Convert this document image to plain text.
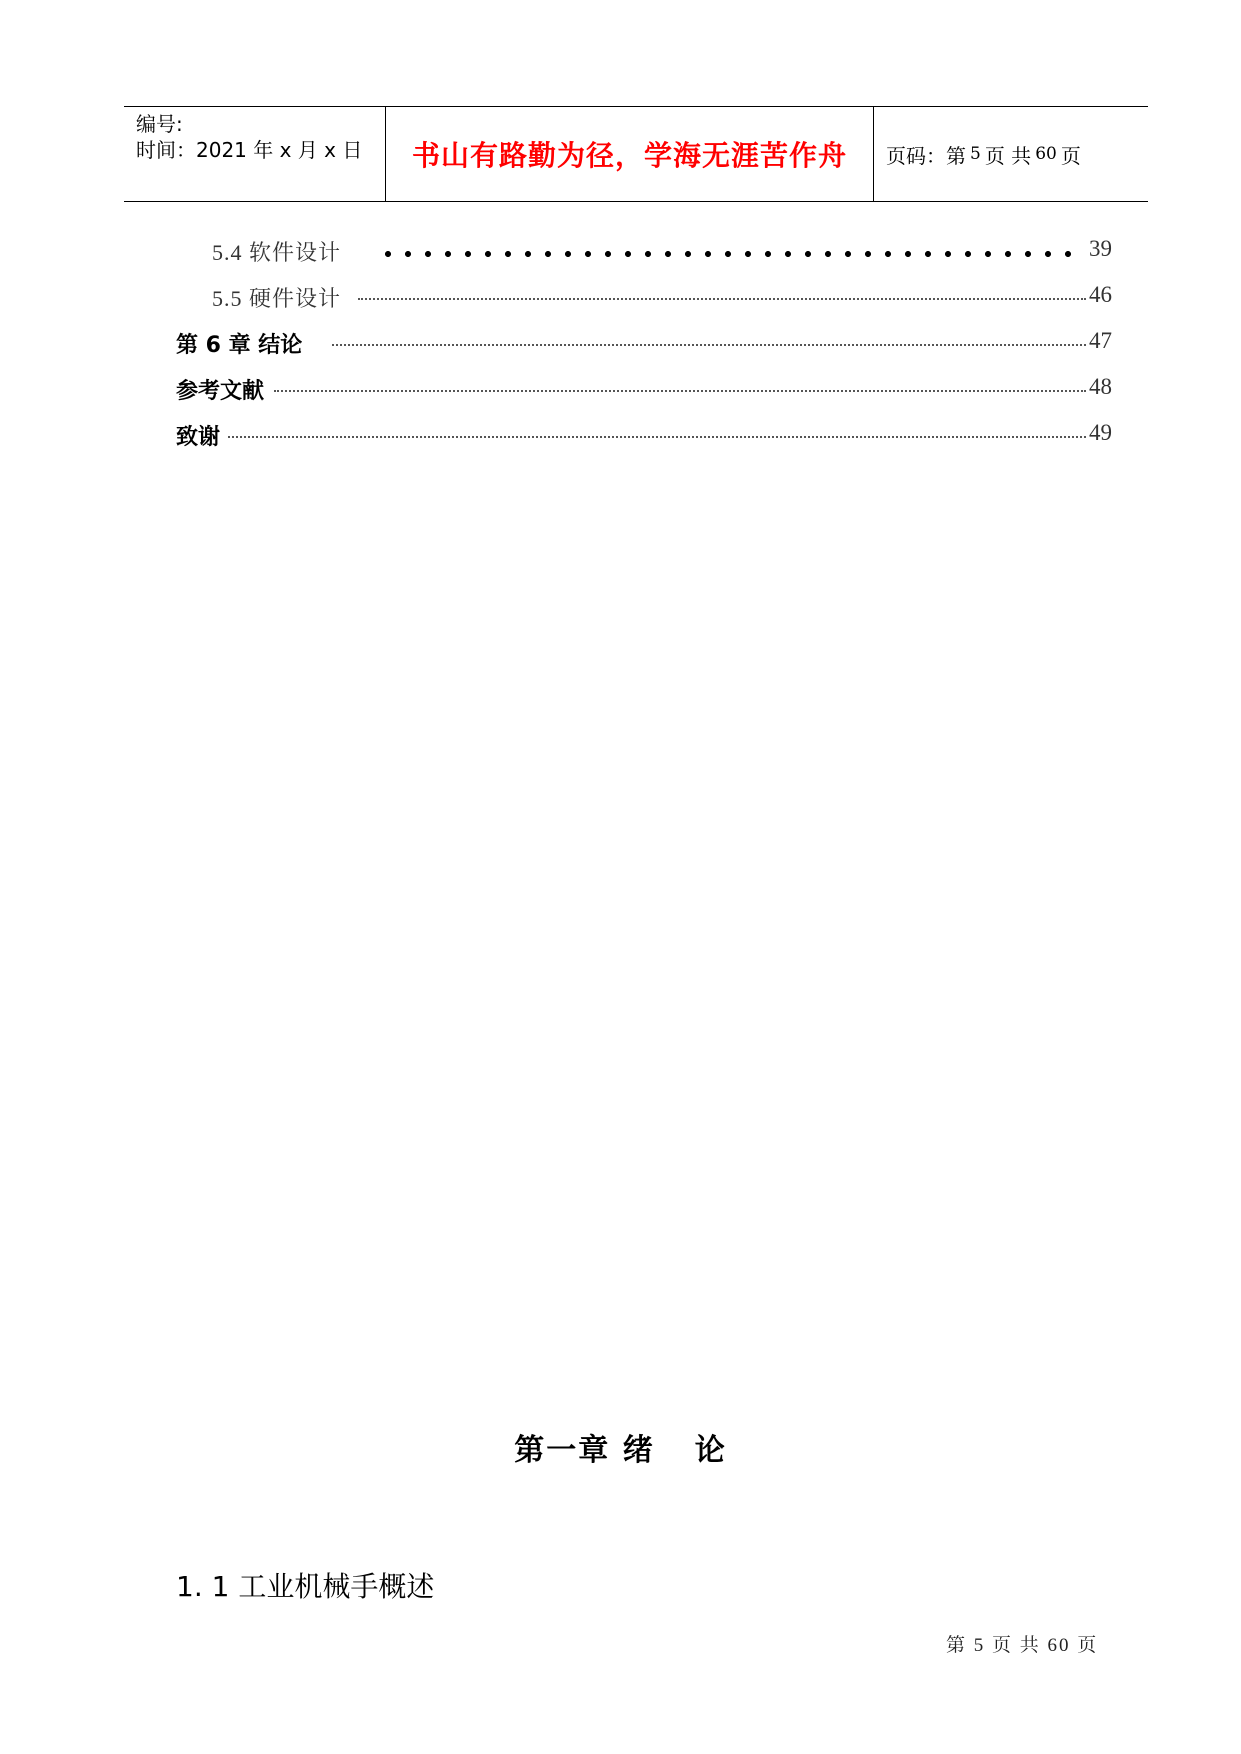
编号:
时间：2021 年 x 月 x 日	书山有路勤为径，学海无涯苦作舟	页码：第 5 页 共 60 页
5.4 软件设计	39
5.5 硬件设计	46
第 6 章 结论	47
参考文献	48
致谢	49
第一章 绪 论
1. 1 工业机械手概述
第 5 页 共 60 页
